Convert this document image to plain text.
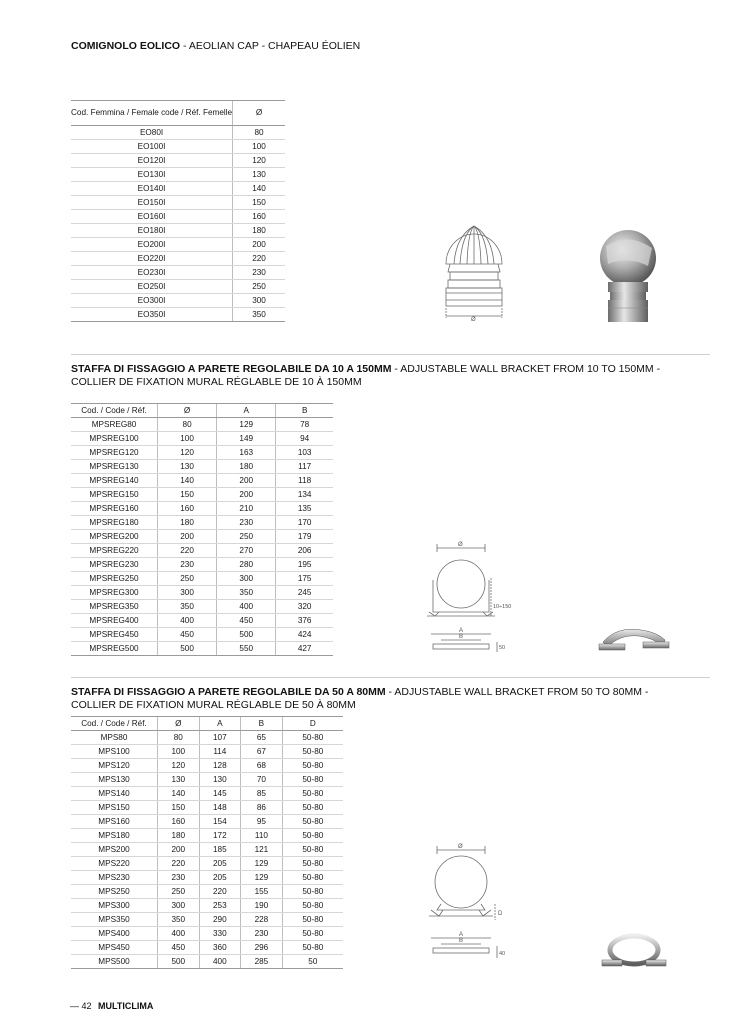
COMIGNOLO EOLICO - AEOLIAN CAP - CHAPEAU ÉOLIEN
Cod. Femmina / Female code / Réf. Femelle	Ø
EO80I	80
EO100I	100
EO120I	120
EO130I	130
EO140I	140
EO150I	150
EO160I	160
EO180I	180
EO200I	200
EO220I	220
EO230I	230
EO250I	250
EO300I	300
EO350I	350
Ø
STAFFA DI FISSAGGIO A PARETE REGOLABILE DA 10 A 150MM - ADJUSTABLE WALL BRACKET FROM 10 TO 150MM -
COLLIER DE FIXATION MURAL RÉGLABLE DE 10 À 150MM
Cod. / Code / Réf.	Ø	A	B
MPSREG80	80	129	78
MPSREG100	100	149	94
MPSREG120	120	163	103
MPSREG130	130	180	117
MPSREG140	140	200	118
MPSREG150	150	200	134
MPSREG160	160	210	135
MPSREG180	180	230	170
MPSREG200	200	250	179
MPSREG220	220	270	206
MPSREG230	230	280	195
MPSREG250	250	300	175
MPSREG300	300	350	245
MPSREG350	350	400	320
MPSREG400	400	450	376
MPSREG450	450	500	424
MPSREG500	500	550	427
Ø
10÷150
A
B
50
STAFFA DI FISSAGGIO A PARETE REGOLABILE DA 50 A 80MM - ADJUSTABLE WALL BRACKET FROM 50 TO 80MM -
COLLIER DE FIXATION MURAL RÉGLABLE DE 50 À 80MM
Cod. / Code / Réf.	Ø	A	B	D
MPS80	80	107	65	50-80
MPS100	100	114	67	50-80
MPS120	120	128	68	50-80
MPS130	130	130	70	50-80
MPS140	140	145	85	50-80
MPS150	150	148	86	50-80
MPS160	160	154	95	50-80
MPS180	180	172	110	50-80
MPS200	200	185	121	50-80
MPS220	220	205	129	50-80
MPS230	230	205	129	50-80
MPS250	250	220	155	50-80
MPS300	300	253	190	50-80
MPS350	350	290	228	50-80
MPS400	400	330	230	50-80
MPS450	450	360	296	50-80
MPS500	500	400	285	50
Ø
D
A
B
40
— 42 MULTICLIMA
